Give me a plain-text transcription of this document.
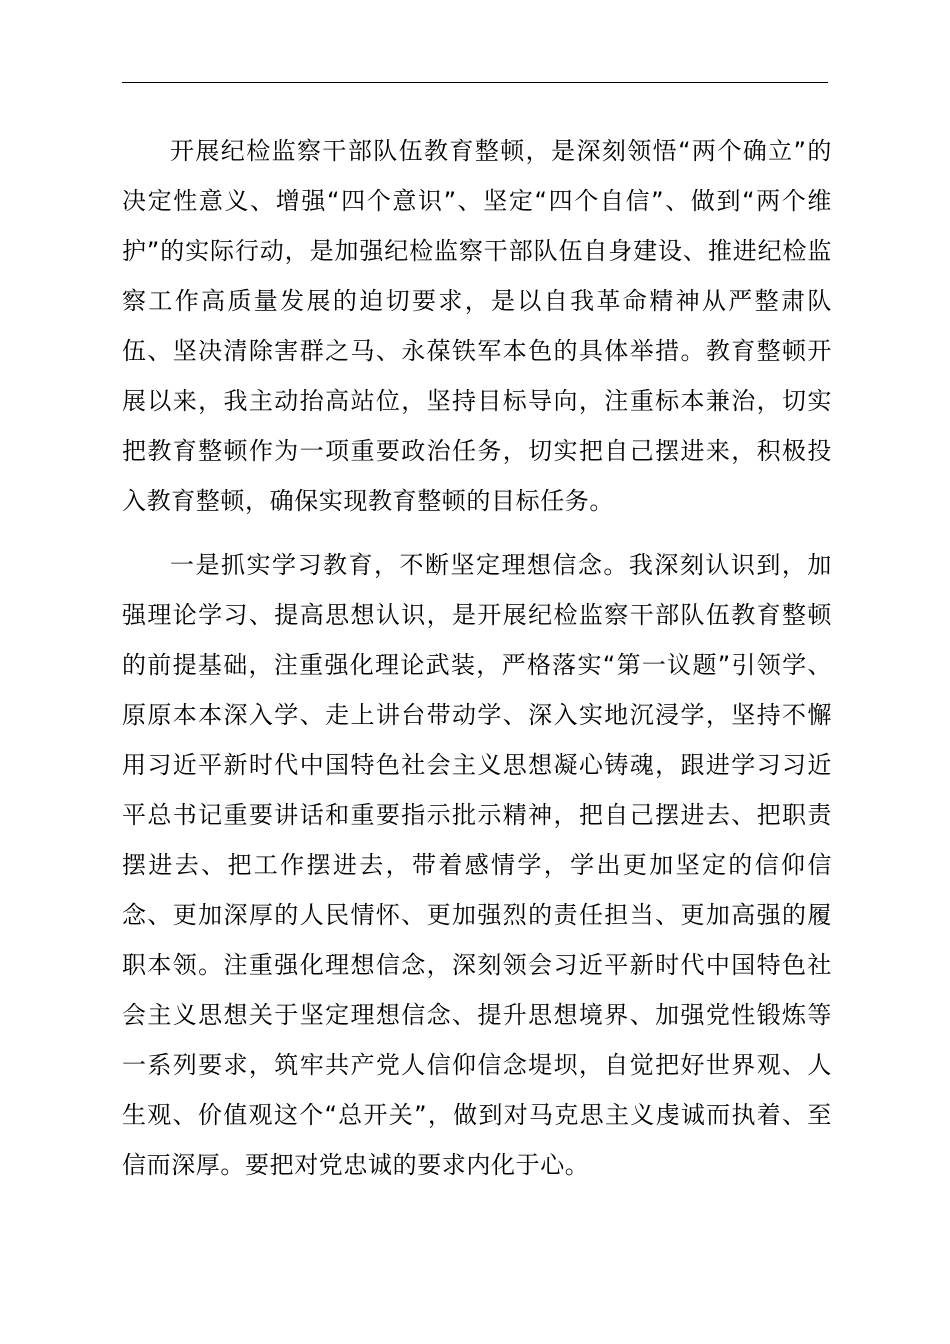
开展纪检监察干部队伍教育整顿，是深刻领悟“两个确立”的决定性意义、增强“四个意识”、坚定“四个自信”、做到“两个维护”的实际行动，是加强纪检监察干部队伍自身建设、推进纪检监察工作高质量发展的迫切要求，是以自我革命精神从严整肃队伍、坚决清除害群之马、永葆铁军本色的具体举措。教育整顿开展以来，我主动抬高站位，坚持目标导向，注重标本兼治，切实把教育整顿作为一项重要政治任务，切实把自己摆进来，积极投入教育整顿，确保实现教育整顿的目标任务。

一是抓实学习教育，不断坚定理想信念。我深刻认识到，加强理论学习、提高思想认识，是开展纪检监察干部队伍教育整顿的前提基础，注重强化理论武装，严格落实“第一议题”引领学、原原本本深入学、走上讲台带动学、深入实地沉浸学，坚持不懈用习近平新时代中国特色社会主义思想凝心铸魂，跟进学习习近平总书记重要讲话和重要指示批示精神，把自己摆进去、把职责摆进去、把工作摆进去，带着感情学，学出更加坚定的信仰信念、更加深厚的人民情怀、更加强烈的责任担当、更加高强的履职本领。注重强化理想信念，深刻领会习近平新时代中国特色社会主义思想关于坚定理想信念、提升思想境界、加强党性锻炼等一系列要求，筑牢共产党人信仰信念堤坝，自觉把好世界观、人生观、价值观这个“总开关”，做到对马克思主义虔诚而执着、至信而深厚。要把对党忠诚的要求内化于心。
